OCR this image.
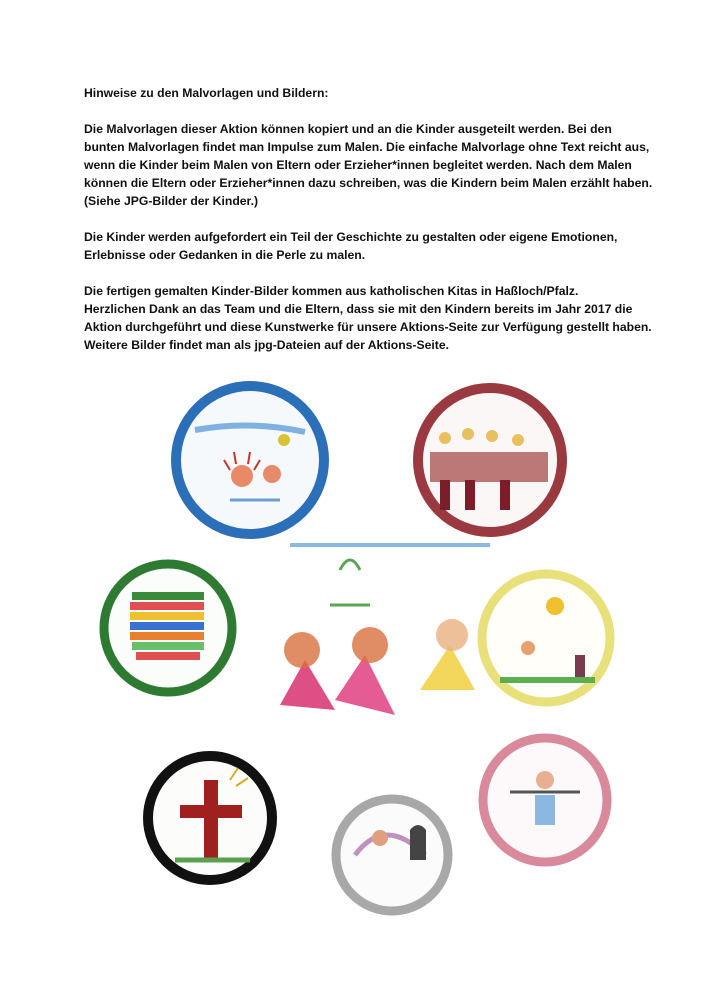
Hinweise zu den Malvorlagen und Bildern:

Die Malvorlagen dieser Aktion können kopiert und an die Kinder ausgeteilt werden. Bei den
bunten Malvorlagen findet man Impulse zum Malen. Die einfache Malvorlage ohne Text reicht aus,
wenn die Kinder beim Malen von Eltern oder Erzieher*innen begleitet werden. Nach dem Malen
können die Eltern oder Erzieher*innen dazu schreiben, was die Kindern beim Malen erzählt haben.
(Siehe JPG-Bilder der Kinder.)

Die Kinder werden aufgefordert ein Teil der Geschichte zu gestalten oder eigene Emotionen,
Erlebnisse oder Gedanken in die Perle zu malen.

Die fertigen gemalten Kinder-Bilder kommen aus katholischen Kitas in Haßloch/Pfalz.
Herzlichen Dank an das Team und die Eltern, dass sie mit den Kindern bereits im Jahr 2017 die
Aktion durchgeführt und diese Kunstwerke für unsere Aktions-Seite zur Verfügung gestellt haben.
Weitere Bilder findet man als jpg-Dateien auf der Aktions-Seite.
